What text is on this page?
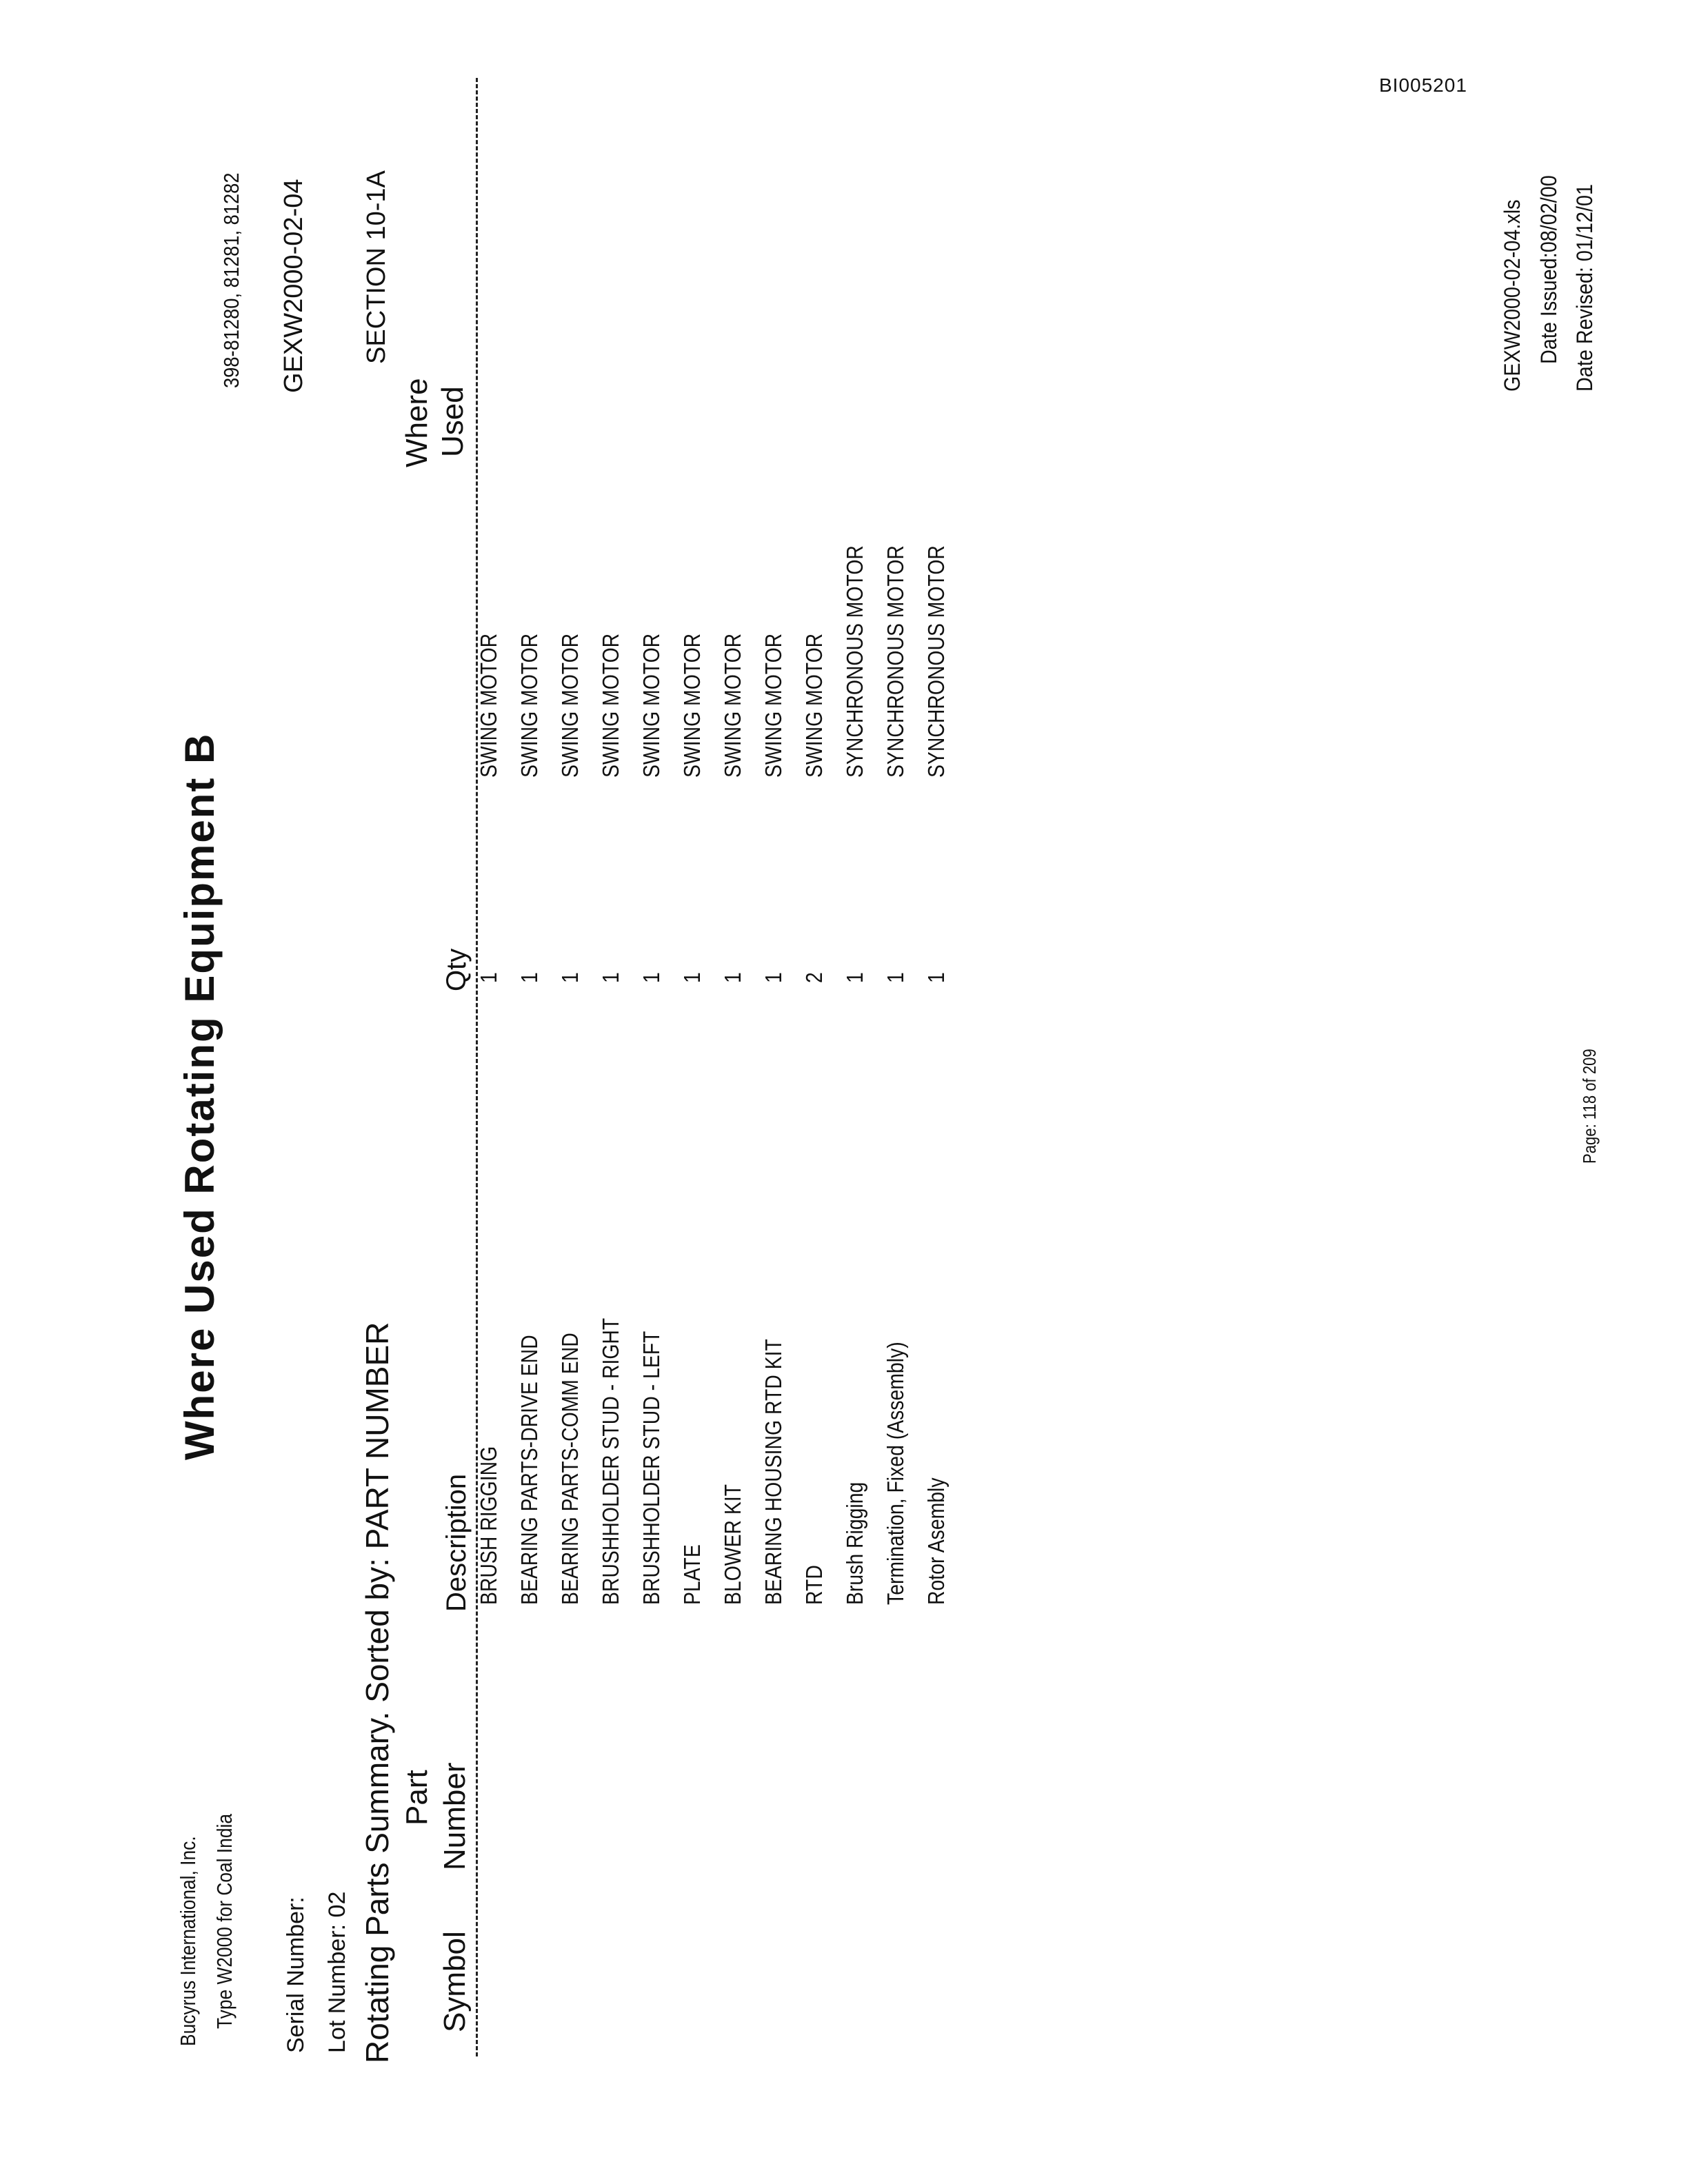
BI005201
Bucyrus International, Inc. Type W2000 for Coal India
Where Used Rotating Equipment B
398-81280, 81281, 81282
Serial Number: Lot Number: 02
GEXW2000-02-04
Rotating Parts Summary. Sorted by: PART NUMBER
SECTION 10-1A
Part
Where
Symbol
Number
Description
Qty
Used
BRUSH RIGGING
1
SWING MOTOR
BEARING PARTS-DRIVE END
1
SWING MOTOR
BEARING PARTS-COMM END
1
SWING MOTOR
BRUSHHOLDER STUD - RIGHT
1
SWING MOTOR
BRUSHHOLDER STUD - LEFT
1
SWING MOTOR
PLATE
1
SWING MOTOR
BLOWER KIT
1
SWING MOTOR
BEARING HOUSING RTD KIT
1
SWING MOTOR
RTD
2
SWING MOTOR
Brush Rigging
1
SYNCHRONOUS MOTOR
Termination, Fixed (Assembly)
1
SYNCHRONOUS MOTOR
Rotor Asembly
1
SYNCHRONOUS MOTOR
Page: 118 of 209
GEXW2000-02-04.xls Date Issued:08/02/00 Date Revised: 01/12/01
